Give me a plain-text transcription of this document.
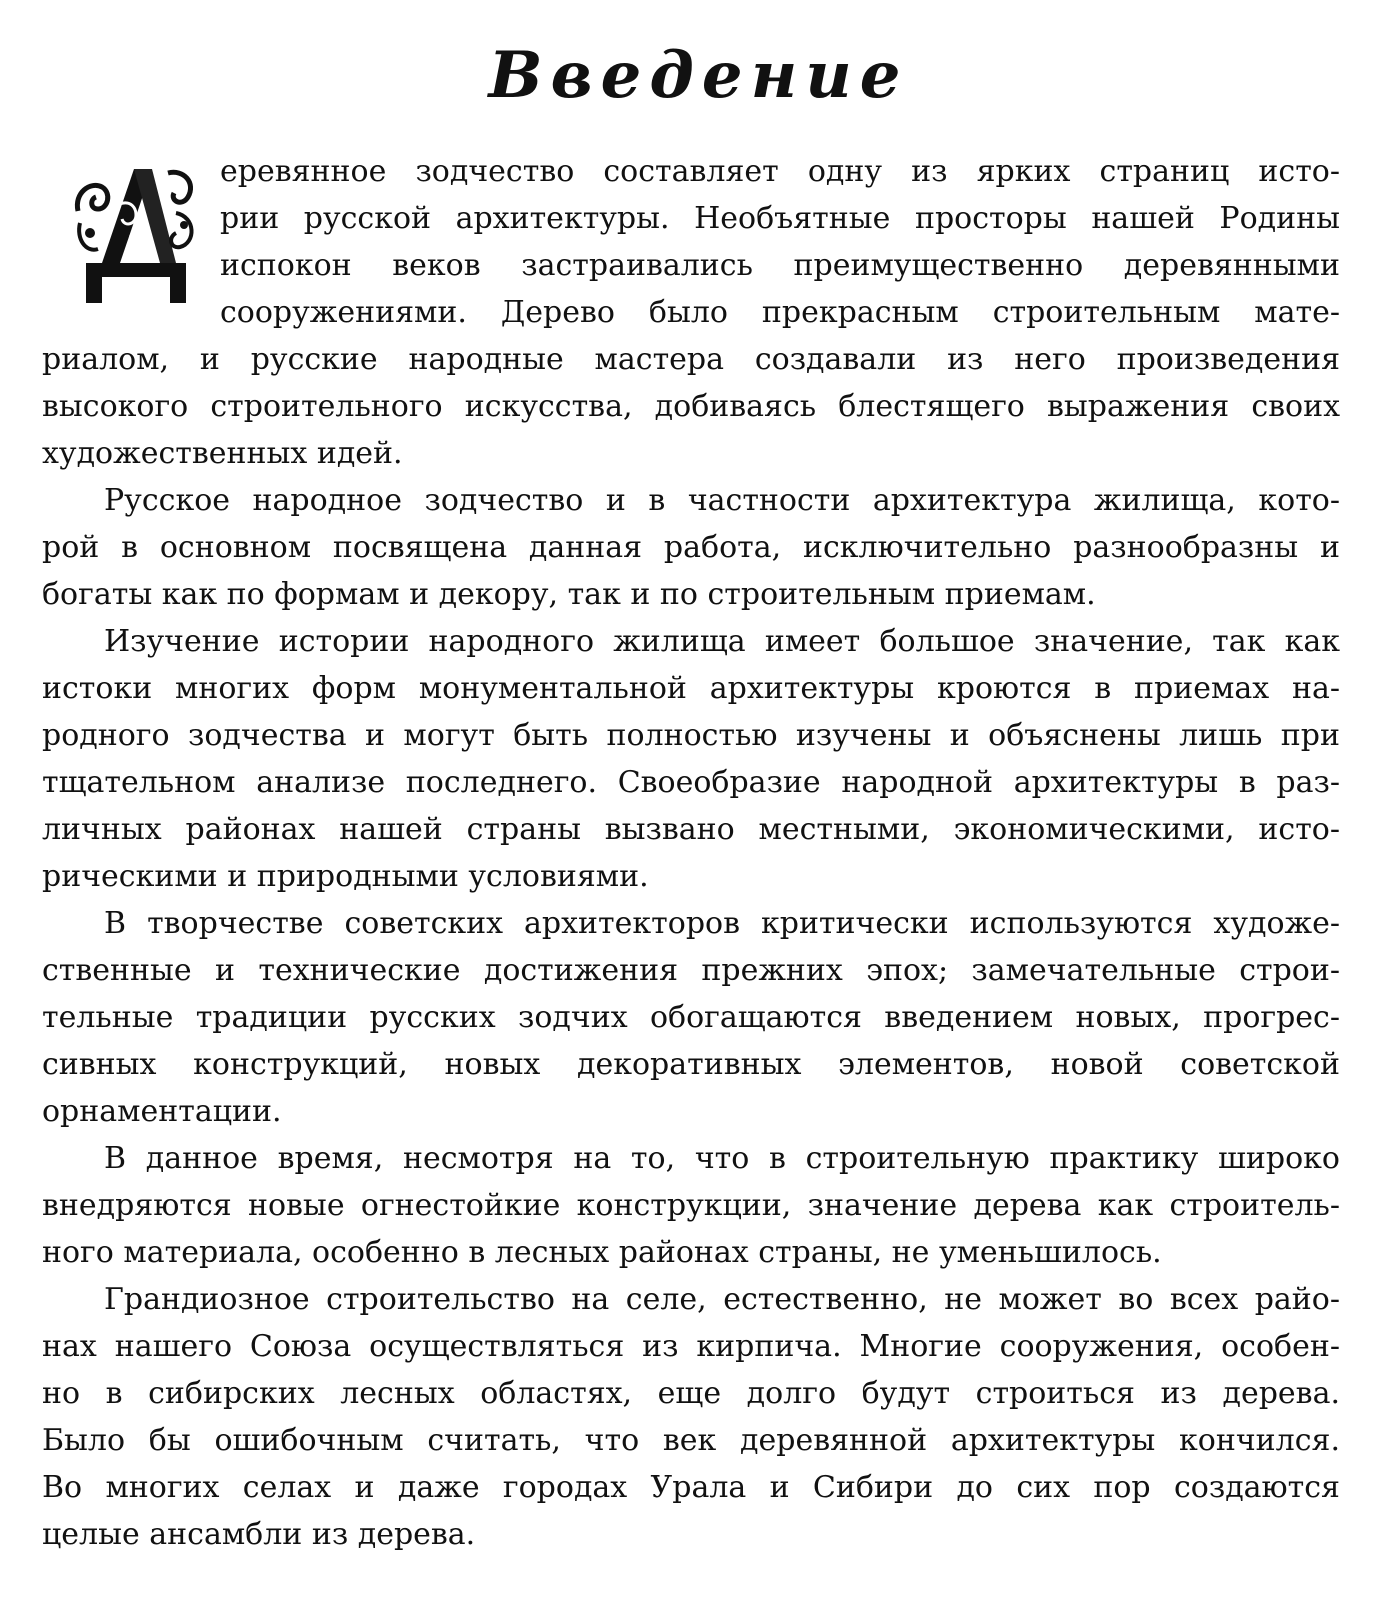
Введение
еревянное зодчество составляет одну из ярких страниц исто-
рии русской архитектуры. Необъятные просторы нашей Родины
испокон веков застраивались преимущественно деревянными
сооружениями. Дерево было прекрасным строительным мате-
риалом, и русские народные мастера создавали из него произведения
высокого строительного искусства, добиваясь блестящего выражения своих
художественных идей.
Русское народное зодчество и в частности архитектура жилища, кото-
рой в основном посвящена данная работа, исключительно разнообразны и
богаты как по формам и декору, так и по строительным приемам.
Изучение истории народного жилища имеет большое значение, так как
истоки многих форм монументальной архитектуры кроются в приемах на-
родного зодчества и могут быть полностью изучены и объяснены лишь при
тщательном анализе последнего. Своеобразие народной архитектуры в раз-
личных районах нашей страны вызвано местными, экономическими, исто-
рическими и природными условиями.
В творчестве советских архитекторов критически используются художе-
ственные и технические достижения прежних эпох; замечательные строи-
тельные традиции русских зодчих обогащаются введением новых, прогрес-
сивных конструкций, новых декоративных элементов, новой советской
орнаментации.
В данное время, несмотря на то, что в строительную практику широко
внедряются новые огнестойкие конструкции, значение дерева как строитель-
ного материала, особенно в лесных районах страны, не уменьшилось.
Грандиозное строительство на селе, естественно, не может во всех райо-
нах нашего Союза осуществляться из кирпича. Многие сооружения, особен-
но в сибирских лесных областях, еще долго будут строиться из дерева.
Было бы ошибочным считать, что век деревянной архитектуры кончился.
Во многих селах и даже городах Урала и Сибири до сих пор создаются
целые ансамбли из дерева.
